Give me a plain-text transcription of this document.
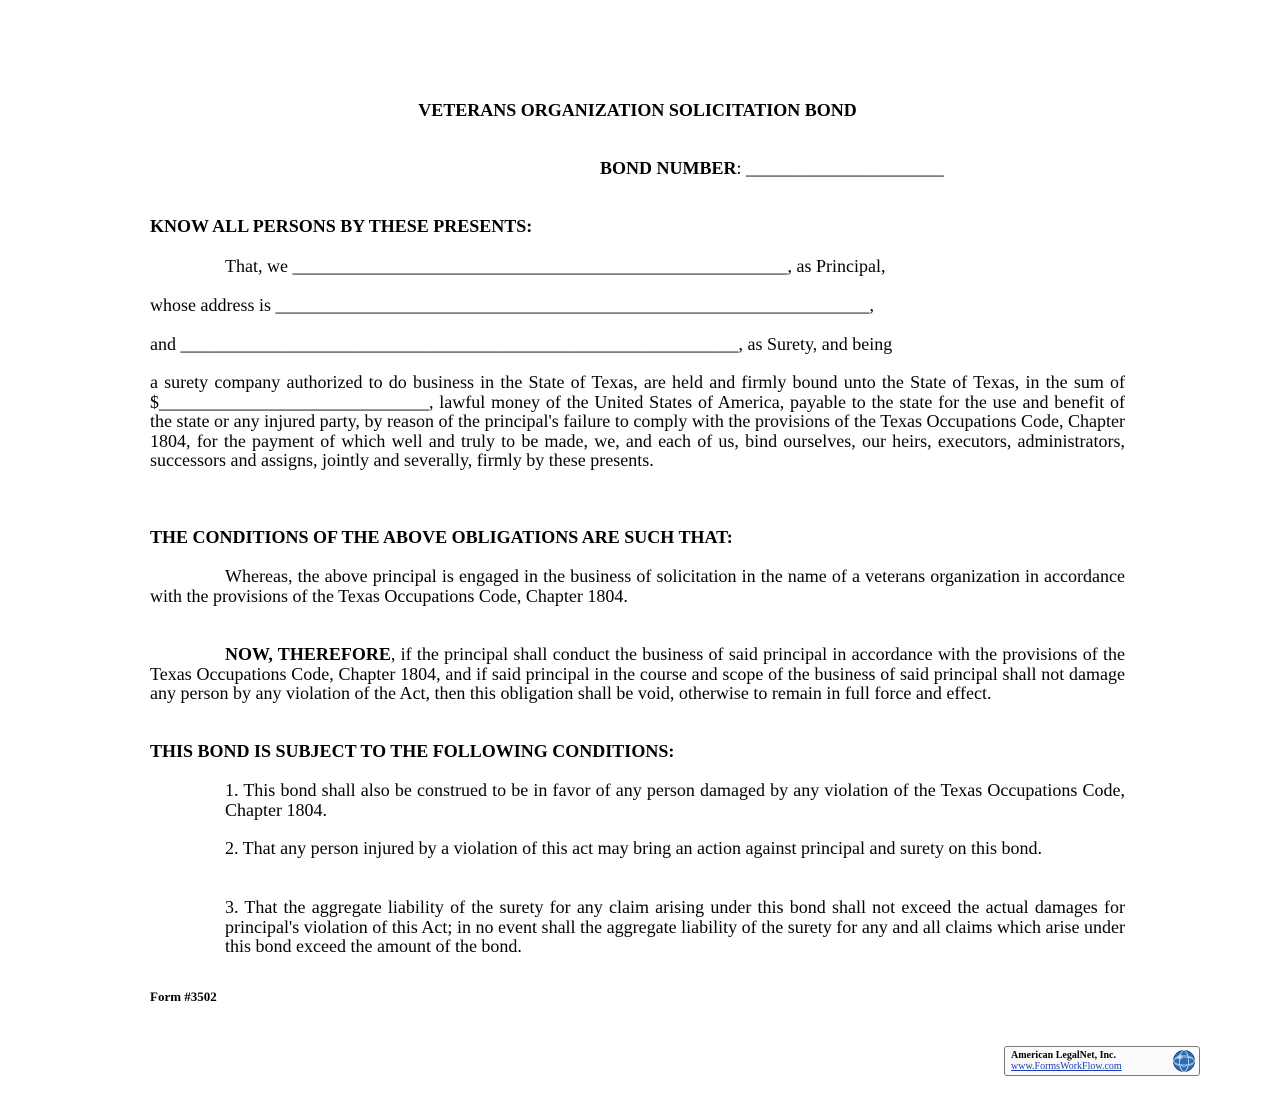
VETERANS ORGANIZATION SOLICITATION BOND

BOND NUMBER: ______________________

KNOW ALL PERSONS BY THESE PRESENTS:

That, we _______________________________________________________, as Principal,

whose address is __________________________________________________________________,

and ______________________________________________________________, as Surety, and being

a surety company authorized to do business in the State of Texas, are held and firmly bound unto the State of Texas, in the sum of $______________________________, lawful money of the United States of America, payable to the state for the use and benefit of the state or any injured party, by reason of the principal's failure to comply with the provisions of the Texas Occupations Code, Chapter 1804, for the payment of which well and truly to be made, we, and each of us, bind ourselves, our heirs, executors, administrators, successors and assigns, jointly and severally, firmly by these presents.

THE CONDITIONS OF THE ABOVE OBLIGATIONS ARE SUCH THAT:

Whereas, the above principal is engaged in the business of solicitation in the name of a veterans organization in accordance with the provisions of the Texas Occupations Code, Chapter 1804.

NOW, THEREFORE, if the principal shall conduct the business of said principal in accordance with the provisions of the Texas Occupations Code, Chapter 1804, and if said principal in the course and scope of the business of said principal shall not damage any person by any violation of the Act, then this obligation shall be void, otherwise to remain in full force and effect.

THIS BOND IS SUBJECT TO THE FOLLOWING CONDITIONS:

1. This bond shall also be construed to be in favor of any person damaged by any violation of the Texas Occupations Code, Chapter 1804.

2. That any person injured by a violation of this act may bring an action against principal and surety on this bond.

3. That the aggregate liability of the surety for any claim arising under this bond shall not exceed the actual damages for principal's violation of this Act; in no event shall the aggregate liability of the surety for any and all claims which arise under this bond exceed the amount of the bond.

Form #3502

American LegalNet, Inc.
www.FormsWorkFlow.com
